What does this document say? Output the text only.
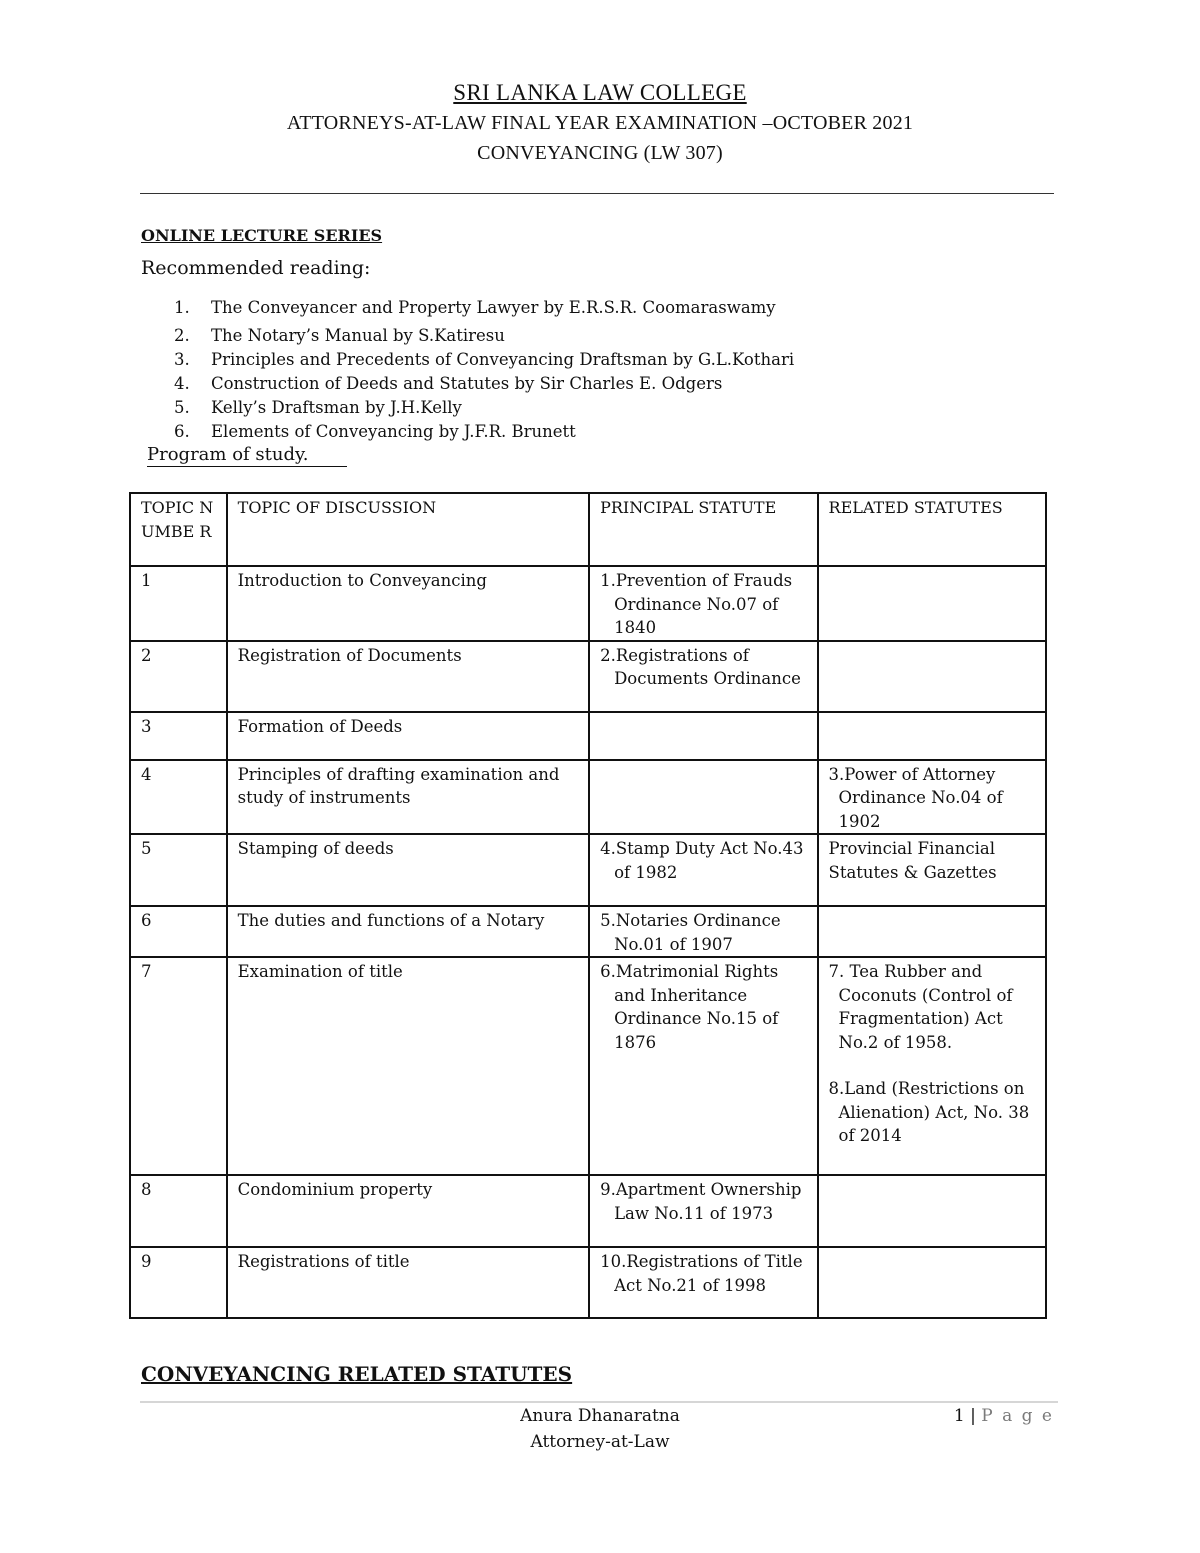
SRI LANKA LAW COLLEGE
ATTORNEYS-AT-LAW FINAL YEAR EXAMINATION –OCTOBER 2021
CONVEYANCING (LW 307)
ONLINE LECTURE SERIES
Recommended reading:
1. The Conveyancer and Property Lawyer by E.R.S.R. Coomaraswamy
2. The Notary’s Manual by S.Katiresu
3. Principles and Precedents of Conveyancing Draftsman by G.L.Kothari
4. Construction of Deeds and Statutes by Sir Charles E. Odgers
5. Kelly’s Draftsman by J.H.Kelly
6. Elements of Conveyancing by J.F.R. Brunett
Program of study.
TOPIC NUMBE R	TOPIC OF DISCUSSION	PRINCIPAL STATUTE	RELATED STATUTES
1	Introduction to Conveyancing	1.Prevention of Frauds Ordinance No.07 of 1840	

2	Registration of Documents	2.Registrations of Documents Ordinance	

3	Formation of Deeds		
4	Principles of drafting examination and study of instruments		3.Power of Attorney Ordinance No.04 of 1902

5	Stamping of deeds	4.Stamp Duty Act No.43 of 1982	Provincial Financial Statutes & Gazettes
6	The duties and functions of a Notary	5.Notaries Ordinance No.01 of 1907	

7	Examination of title	6.Matrimonial Rights and Inheritance Ordinance No.15 of 1876	7. Tea Rubber and Coconuts (Control of Fragmentation) Act No.2 of 1958.
8.Land (Restrictions on Alienation) Act, No. 38 of 2014

8	Condominium property	9.Apartment Ownership Law No.11 of 1973	

9	Registrations of title	10.Registrations of Title Act No.21 of 1998	

CONVEYANCING RELATED STATUTES
Anura Dhanaratna
Attorney-at-Law
1 | P a g e
